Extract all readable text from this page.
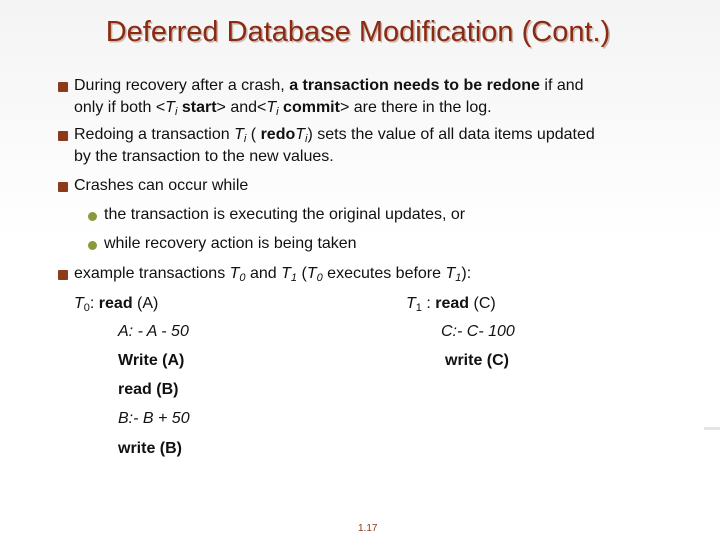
Deferred Database Modification (Cont.)
During recovery after a crash, a transaction needs to be redone if and
only if both $<T_i$ start> $and<T_i$ commit> are there in the log.
Redoing a transaction $T_i$ ( redoT$_i$) sets the value of all data items updated
by the transaction to the new values.
Crashes can occur while
the transaction is executing the original updates, or
while recovery action is being taken
example transactions $T_0$ and $T_1$ ($T_0$ executes before $T_1$):
$T_0$: read (A)
A: - A - 50
Write (A)
read (B)
B:- B + 50
write (B)
$T_1$ : read (C)
C:- C- 100
write (C)
1.17
